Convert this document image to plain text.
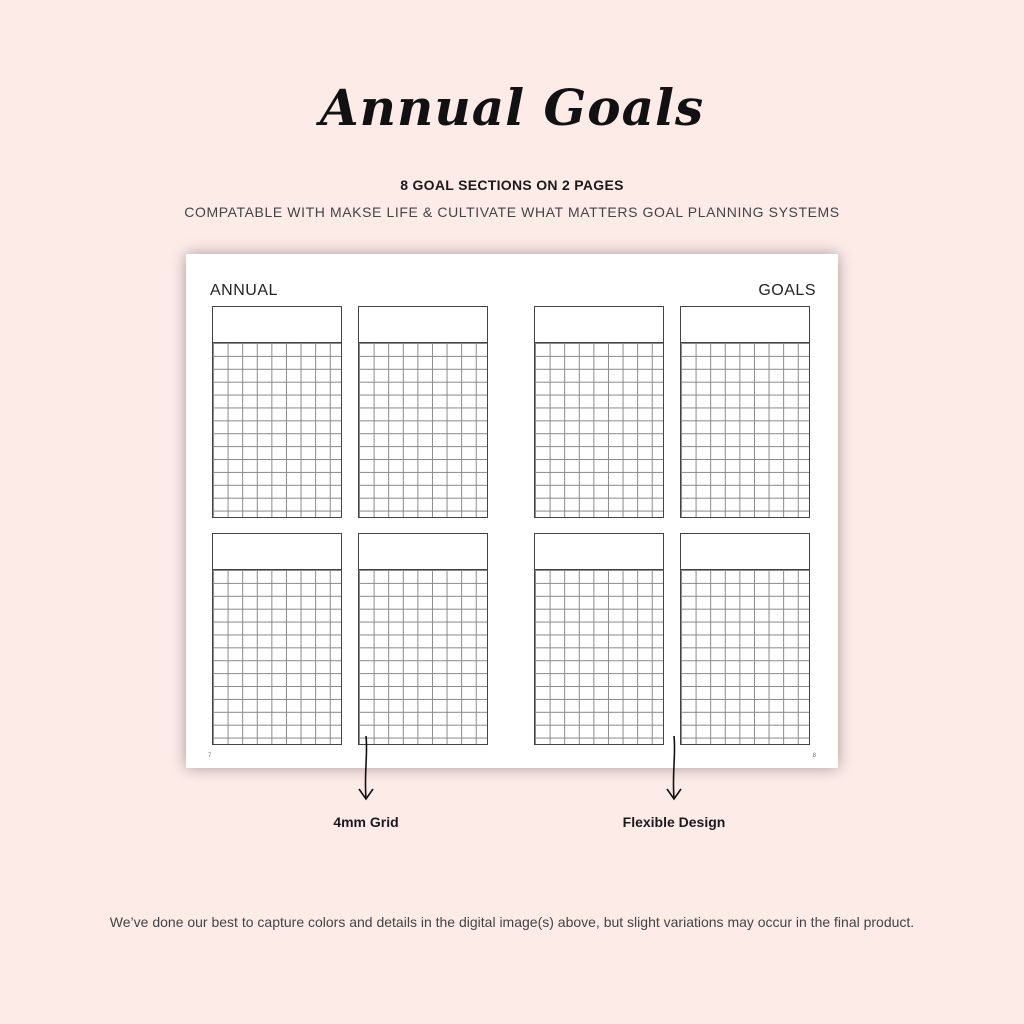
Annual Goals
8 GOAL SECTIONS ON 2 PAGES
COMPATABLE WITH MAKSE LIFE & CULTIVATE WHAT MATTERS GOAL PLANNING SYSTEMS
ANNUAL	GOALS
7	8
4mm Grid	Flexible Design
We’ve done our best to capture colors and details in the digital image(s) above, but slight variations may occur in the final product.
